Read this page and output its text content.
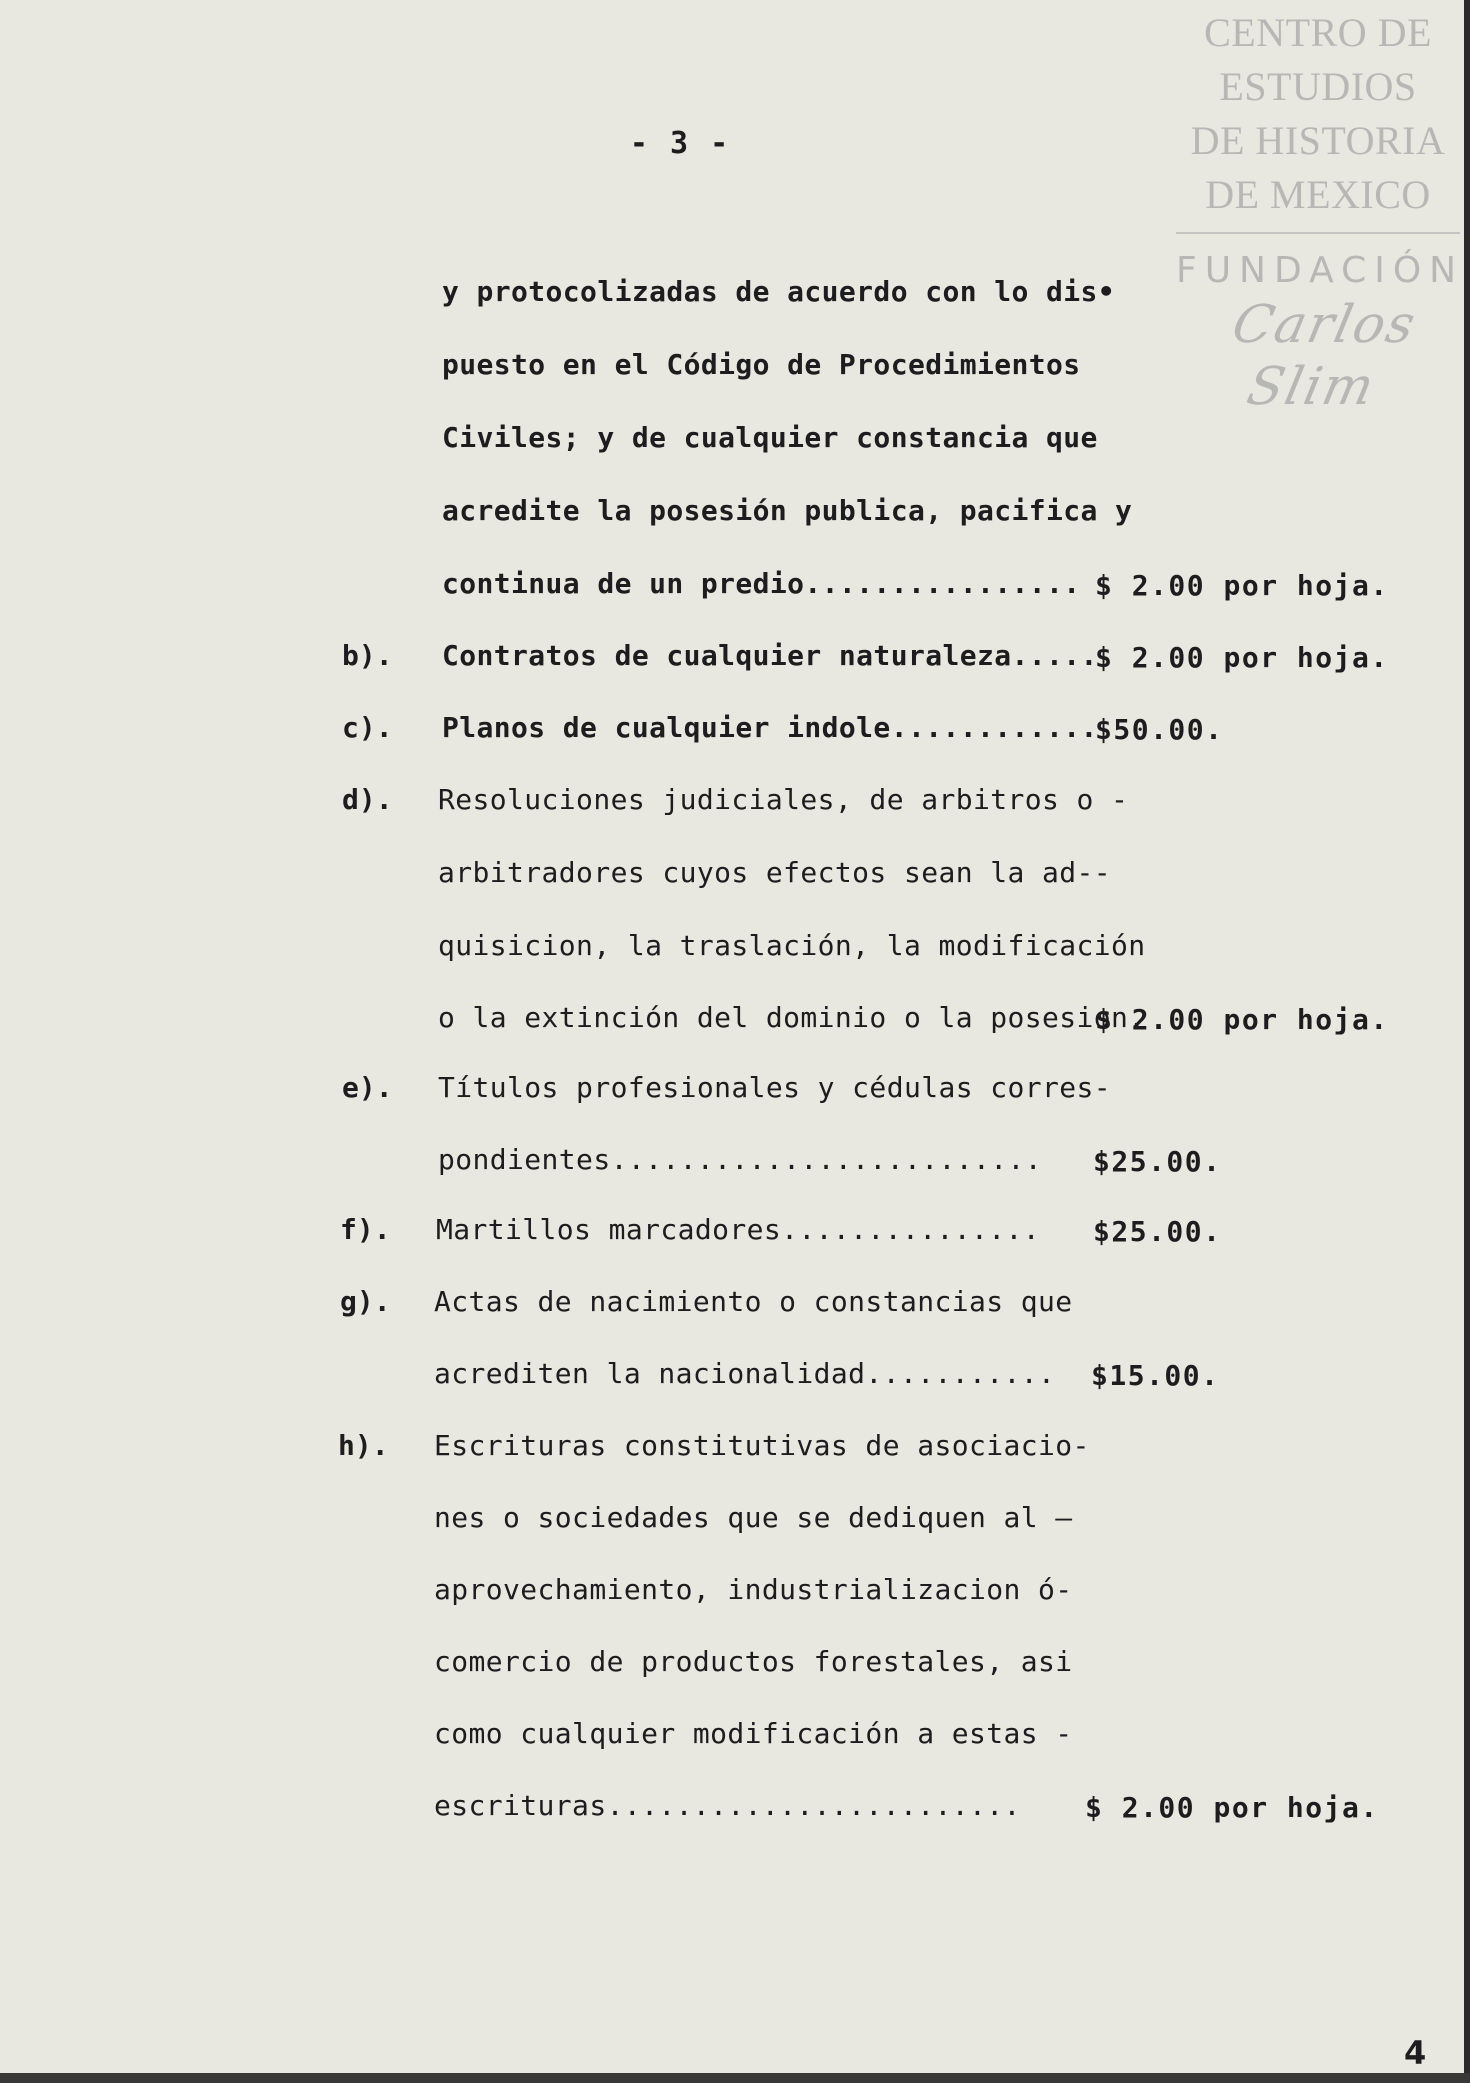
CENTRO DE
ESTUDIOS
DE HISTORIA
DE MEXICO
FUNDACIÓN
Carlos Slim
- 3 -
y protocolizadas de acuerdo con lo dis•
puesto en el Código de Procedimientos
Civiles; y de cualquier constancia que
acredite la posesión publica, pacifica y
continua de un predio................ $ 2.00 por hoja.
b). Contratos de cualquier naturaleza.....
$ 2.00 por hoja.
c). Planos de cualquier indole............
$50.00.
d). Resoluciones judiciales, de arbitros o -
arbitradores cuyos efectos sean la ad--
quisicion, la traslación, la modificación
o la extinción del dominio o la posesion.
$ 2.00 por hoja.
e). Títulos profesionales y cédulas corres-
pondientes......................... $25.00.
f). Martillos marcadores............... $25.00.
g). Actas de nacimiento o constancias que
acrediten la nacionalidad........... $15.00.
h). Escrituras constitutivas de asociacio-
nes o sociedades que se dediquen al —
aprovechamiento, industrializacion ó-
comercio de productos forestales, asi
como cualquier modificación a estas -
escrituras........................ $ 2.00 por hoja.
4
